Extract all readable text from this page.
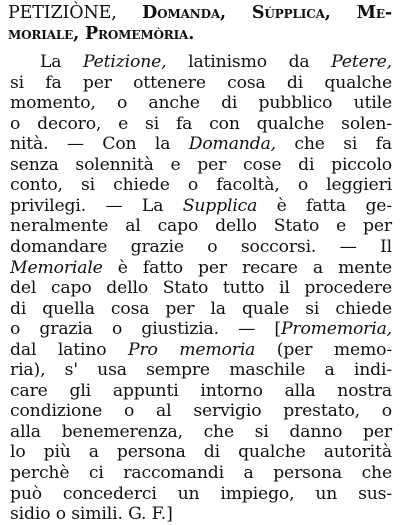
PETIZIÒNE, Domanda, Súpplica, Me-
moriale, Promemòria.
La Petizione, latinismo da Petere,
si fa per ottenere cosa di qualche
momento, o anche di pubblico utile
o decoro, e si fa con qualche solen-
nità. — Con la Domanda, che si fa
senza solennità e per cose di piccolo
conto, si chiede o facoltà, o leggieri
privilegi. — La Supplica è fatta ge-
neralmente al capo dello Stato e per
domandare grazie o soccorsi. — Il
Memoriale è fatto per recare a mente
del capo dello Stato tutto il procedere
di quella cosa per la quale si chiede
o grazia o giustizia. — [Promemoria,
dal latino Pro memoria (per memo-
ria), s' usa sempre maschile a indi-
care gli appunti intorno alla nostra
condizione o al servigio prestato, o
alla benemerenza, che si danno per
lo più a persona di qualche autorità
perchè ci raccomandi a persona che
può concederci un impiego, un sus-
sidio o simili. G. F.]
